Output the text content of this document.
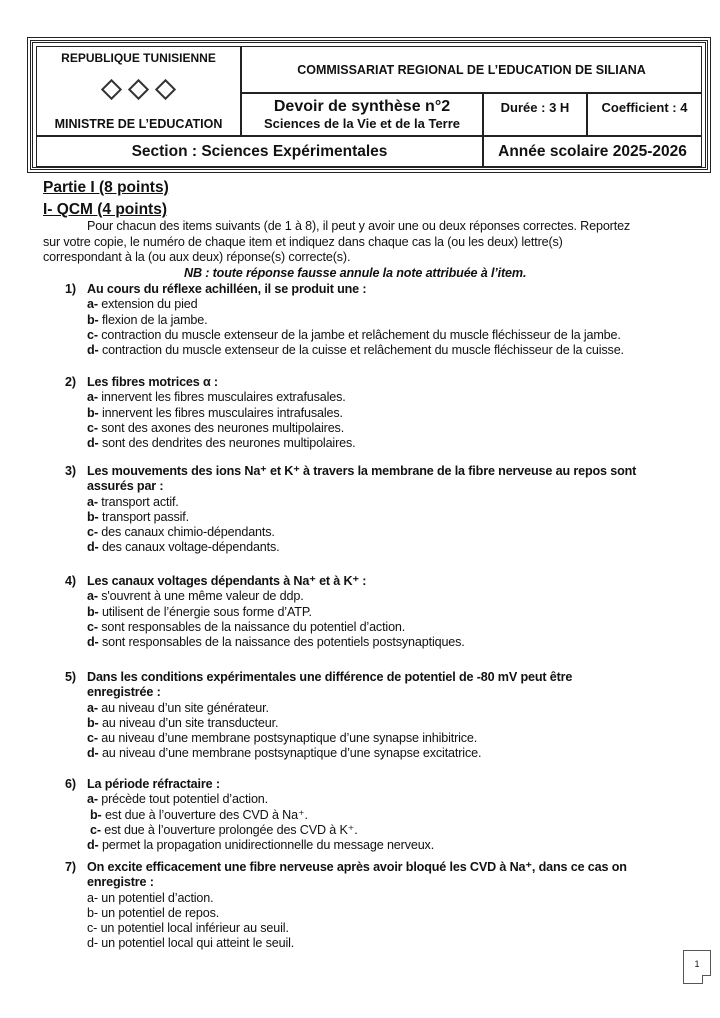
REPUBLIQUE TUNISIENNE
MINISTRE DE L’EDUCATION
COMMISSARIAT REGIONAL DE L’EDUCATION DE SILIANA
Devoir de synthèse n°2
Sciences de la Vie et de la Terre
Durée : 3 H Coefficient : 4
Section : Sciences Expérimentales	Année scolaire 2025-2026
Partie I (8 points)
I- QCM (4 points)
Pour chacun des items suivants (de 1 à 8), il peut y avoir une ou deux réponses correctes. Reportez
sur votre copie, le numéro de chaque item et indiquez dans chaque cas la (ou les deux) lettre(s)
correspondant à la (ou aux deux) réponse(s) correcte(s).
NB : toute réponse fausse annule la note attribuée à l’item.
1) Au cours du réflexe achilléen, il se produit une :
a- extension du pied
b- flexion de la jambe.
c- contraction du muscle extenseur de la jambe et relâchement du muscle fléchisseur de la jambe.
d- contraction du muscle extenseur de la cuisse et relâchement du muscle fléchisseur de la cuisse.
2) Les fibres motrices α :
a- innervent les fibres musculaires extrafusales.
b- innervent les fibres musculaires intrafusales.
c- sont des axones des neurones multipolaires.
d- sont des dendrites des neurones multipolaires.
3) Les mouvements des ions Na⁺ et K⁺ à travers la membrane de la fibre nerveuse au repos sont
assurés par :
a- transport actif.
b- transport passif.
c- des canaux chimio-dépendants.
d- des canaux voltage-dépendants.
4) Les canaux voltages dépendants à Na⁺ et à K⁺ :
a- s'ouvrent à une même valeur de ddp.
b- utilisent de l’énergie sous forme d’ATP.
c- sont responsables de la naissance du potentiel d’action.
d- sont responsables de la naissance des potentiels postsynaptiques.
5) Dans les conditions expérimentales une différence de potentiel de -80 mV peut être
enregistrée :
a- au niveau d’un site générateur.
b- au niveau d’un site transducteur.
c- au niveau d’une membrane postsynaptique d’une synapse inhibitrice.
d- au niveau d’une membrane postsynaptique d’une synapse excitatrice.
6) La période réfractaire :
a- précède tout potentiel d’action.
b- est due à l’ouverture des CVD à Na⁺.
c- est due à l’ouverture prolongée des CVD à K⁺.
d- permet la propagation unidirectionnelle du message nerveux.
7) On excite efficacement une fibre nerveuse après avoir bloqué les CVD à Na⁺, dans ce cas on
enregistre :
a- un potentiel d’action.
b- un potentiel de repos.
c- un potentiel local inférieur au seuil.
d- un potentiel local qui atteint le seuil.
1
